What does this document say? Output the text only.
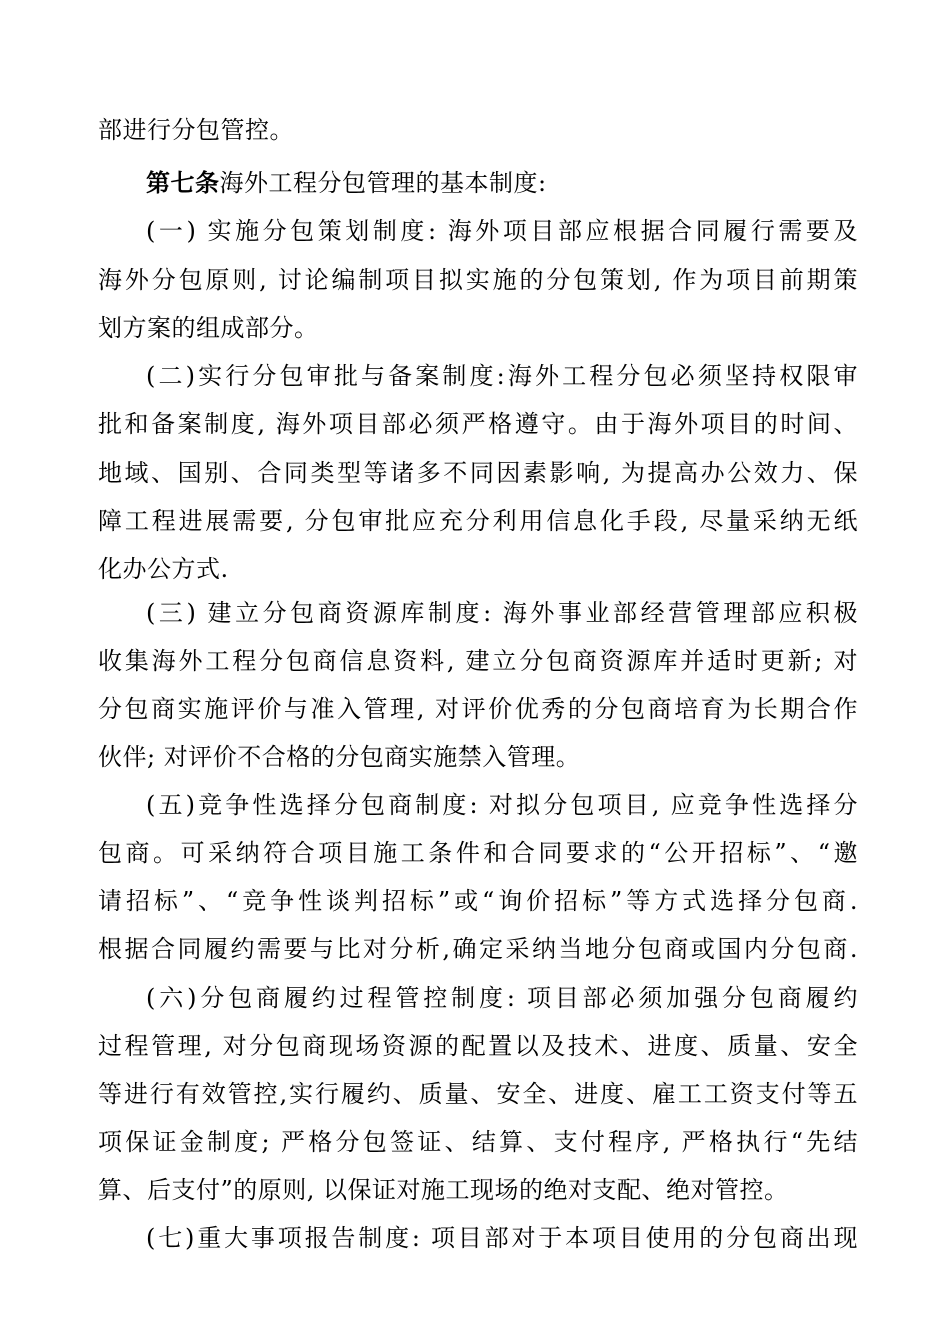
部进行分包管控。
第七条海外工程分包管理的基本制度:
(一) 实施分包策划制度: 海外项目部应根据合同履行需要及
海外分包原则, 讨论编制项目拟实施的分包策划, 作为项目前期策
划方案的组成部分。
(二)实行分包审批与备案制度:海外工程分包必须坚持权限审
批和备案制度, 海外项目部必须严格遵守。由于海外项目的时间、
地域、国别、合同类型等诸多不同因素影响, 为提高办公效力、保
障工程进展需要, 分包审批应充分利用信息化手段, 尽量采纳无纸
化办公方式.
(三) 建立分包商资源库制度: 海外事业部经营管理部应积极
收集海外工程分包商信息资料, 建立分包商资源库并适时更新; 对
分包商实施评价与准入管理, 对评价优秀的分包商培育为长期合作
伙伴; 对评价不合格的分包商实施禁入管理。
(五)竞争性选择分包商制度: 对拟分包项目, 应竞争性选择分
包商。可采纳符合项目施工条件和合同要求的“公开招标”、“邀
请招标”、“竞争性谈判招标”或“询价招标”等方式选择分包商.
根据合同履约需要与比对分析,确定采纳当地分包商或国内分包商.
(六)分包商履约过程管控制度: 项目部必须加强分包商履约
过程管理, 对分包商现场资源的配置以及技术、进度、质量、安全
等进行有效管控,实行履约、质量、安全、进度、雇工工资支付等五
项保证金制度; 严格分包签证、结算、支付程序, 严格执行“先结
算、后支付”的原则, 以保证对施工现场的绝对支配、绝对管控。
(七)重大事项报告制度: 项目部对于本项目使用的分包商出现
